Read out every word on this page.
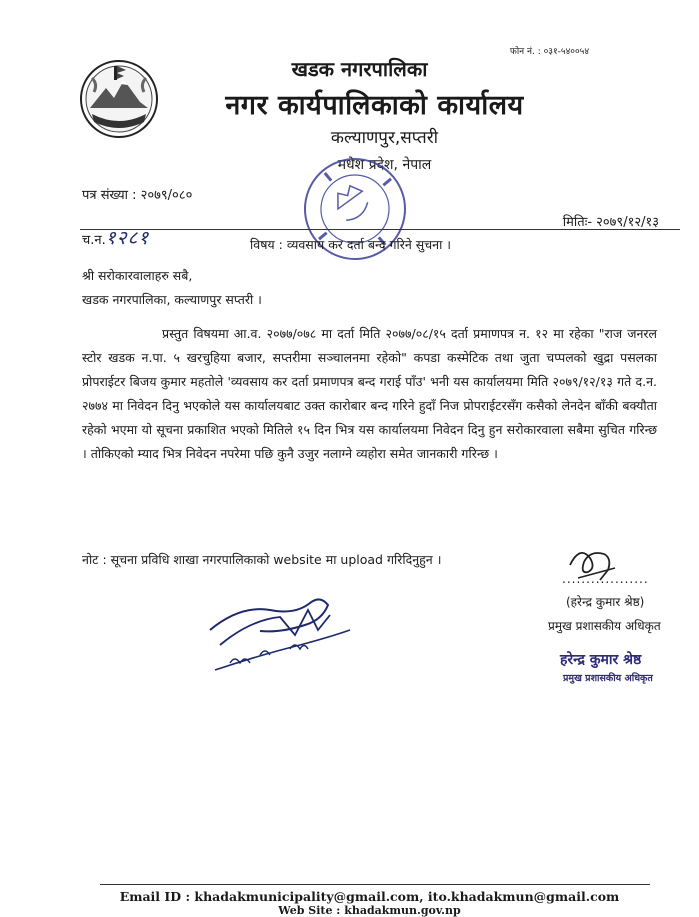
फोन नं. : ०३१-५४००५४
खडक नगरपालिका
नगर कार्यपालिकाको कार्यालय
कल्याणपुर,सप्तरी
मधेश प्रदेश, नेपाल
पत्र संख्या : २०७९/०८०
च.न.१२८१
मितिः- २०७९/१२/१३
विषय : व्यवसाय कर दर्ता बन्द गरिने सुचना ।
श्री सरोकारवालाहरु सबै,
खडक नगरपालिका, कल्याणपुर सप्तरी ।

प्रस्तुत विषयमा आ.व. २०७७/०७८ मा दर्ता मिति २०७७/०८/१५ दर्ता प्रमाणपत्र न. १२ मा रहेका "राज जनरल स्टोर खडक न.पा. ५ खरचुहिया बजार, सप्तरीमा सञ्चालनमा रहेको" कपडा कस्मेटिक तथा जुता चप्पलको खुद्रा पसलका प्रोपराईटर बिजय कुमार महतोले 'व्यवसाय कर दर्ता प्रमाणपत्र बन्द गराई पाँउ' भनी यस कार्यालयमा मिति २०७९/१२/१३ गते द.न. २७७४ मा निवेदन दिनु भएकोले यस कार्यालयबाट उक्त कारोबार बन्द गरिने हुदाँ निज प्रोपराईटरसँग कसैको लेनदेन बाँकी बक्यौता रहेको भएमा यो सूचना प्रकाशित भएको मितिले १५ दिन भित्र यस कार्यालयमा निवेदन दिनु हुन सरोकारवाला सबैमा सुचित गरिन्छ । तोकिएको म्याद भित्र निवेदन नपरेमा पछि कुनै उजुर नलाग्ने व्यहोरा समेत जानकारी गरिन्छ ।

नोट : सूचना प्रविधि शाखा नगरपालिकाको website मा upload गरिदिनुहुन ।
..................
(हरेन्द्र कुमार श्रेष्ठ)
प्रमुख प्रशासकीय अधिकृत
हरेन्द्र कुमार श्रेष्ठ
प्रमुख प्रशासकीय अधिकृत
Email ID : khadakmunicipality@gmail.com, ito.khadakmun@gmail.com
Web Site : khadakmun.gov.np
